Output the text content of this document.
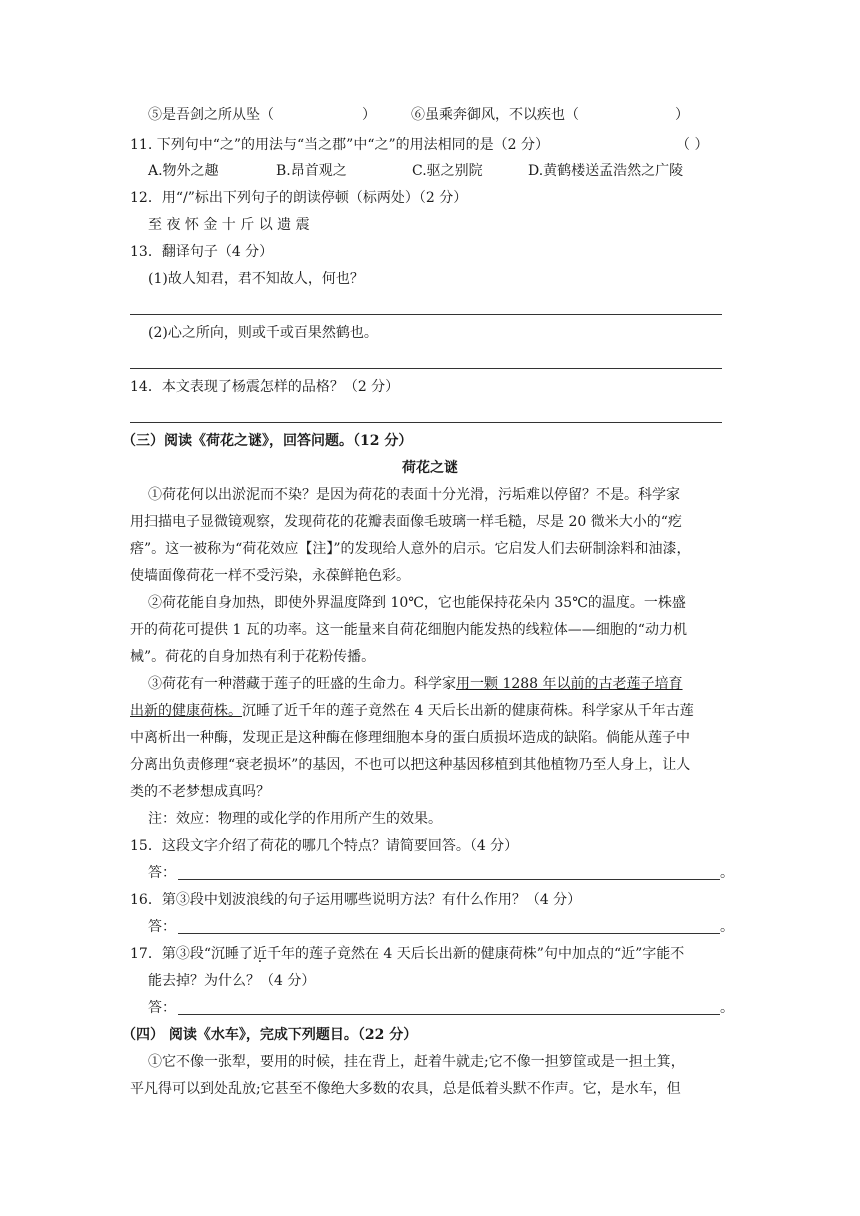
⑤是吾剑之所从坠（	）	⑥虽乘奔御风，不以疾也（	）
11. 下列句中“之”的用法与“当之郡”中“之”的用法相同的是（2 分）	（ ）
A.物外之趣	B.昂首观之	C.驱之别院	D.黄鹤楼送孟浩然之广陵
12．用“/”标出下列句子的朗读停顿（标两处）（2 分）
至 夜 怀 金 十 斤 以 遗 震
13．翻译句子（4 分）
(1)故人知君，君不知故人，何也？
(2)心之所向，则或千或百果然鹤也。
14．本文表现了杨震怎样的品格？（2 分）
（三）阅读《荷花之谜》，回答问题。（12 分）
荷花之谜
①荷花何以出淤泥而不染？是因为荷花的表面十分光滑，污垢难以停留？不是。科学家
用扫描电子显微镜观察，发现荷花的花瓣表面像毛玻璃一样毛糙，尽是 20 微米大小的“疙
瘩”。这一被称为“荷花效应【注】”的发现给人意外的启示。它启发人们去研制涂料和油漆，
使墙面像荷花一样不受污染，永葆鲜艳色彩。
②荷花能自身加热，即使外界温度降到 10℃，它也能保持花朵内 35℃的温度。一株盛
开的荷花可提供 1 瓦的功率。这一能量来自荷花细胞内能发热的线粒体——细胞的“动力机
械”。荷花的自身加热有利于花粉传播。
③荷花有一种潜藏于莲子的旺盛的生命力。科学家用一颗 1288 年以前的古老莲子培育
出新的健康荷株。沉睡了近千年的莲子竟然在 4 天后长出新的健康荷株。科学家从千年古莲
中离析出一种酶，发现正是这种酶在修理细胞本身的蛋白质损坏造成的缺陷。倘能从莲子中
分离出负责修理“衰老损坏”的基因，不也可以把这种基因移植到其他植物乃至人身上，让人
类的不老梦想成真吗？
注：效应：物理的或化学的作用所产生的效果。
15．这段文字介绍了荷花的哪几个特点？请简要回答。（4 分）
答：	。
16．第③段中划波浪线的句子运用哪些说明方法？有什么作用？（4 分）
答：	。
17．第③段“沉睡了近千年的莲子竟然在 4 天后长出新的健康荷株”句中加点的“近”字能不
能去掉？为什么？（4 分）
答：	。
（四） 阅读《水车》，完成下列题目。（22 分）
①它不像一张犁，要用的时候，挂在背上，赶着牛就走;它不像一担箩筐或是一担土箕，
平凡得可以到处乱放;它甚至不像绝大多数的农具，总是低着头默不作声。它，是水车，但
